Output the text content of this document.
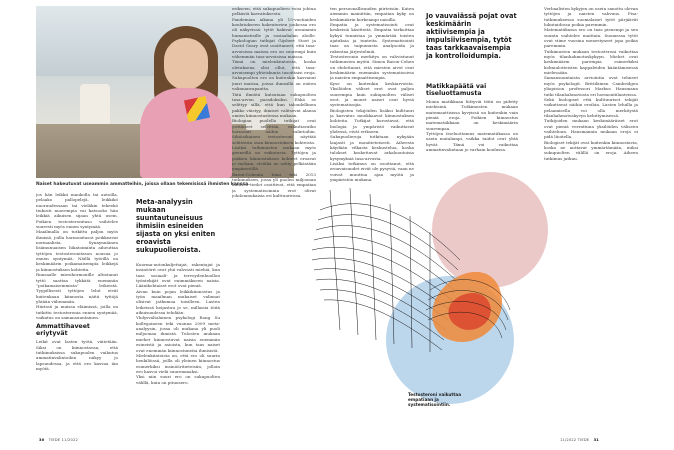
Naiset hakeutuvat useammin ammatteihin, joissa ollaan tekemisissä ihmisten kanssa.

jos hän leikkii maukolla tai autoilla, pelaako pallopelejä, leikkikö nuoruudessaan tai vieläkin tekeekö tiukosti nuorempia vai katsooko hän leikkiä aikuisen sijaan yhtä usein. Poikien testosteronitaso vaihtelee suuresti myös ennen syntymää.

Maailmalla on tutkittu paljon myös ihmisiä, joilla hormonitasot poikkeavat normaalista. Synnynnäinen lisämunuaisen liikatoiminta aiheuttaa tyttöjen testosteronitason nousua jo ennen syntymää. Näillä tytöillä on keskimäärin poikamaisempia leikkejä ja kiinnostuksen kohteita.

Runsaalle miesihormonille altistunut tyttö saattaa tykkätä enemmän ”poikamaisemmista” leikeistä. Tyypillisesti tyttöjen lelut eivät kuitenkaan kiinnosta näitä tyttöjä yhtään vähemmän.

Hiirissä ja muissa eläimissä, joilla on tutkittu testosteronia ennen syntymää, vaikutus on samansuuntainen.

Ammattihaveet eriytyvät

Leikit ovat lasten työtä, väitetään. Siksi on kiinnostavaa, että tutkimuksissa sukupuolen vaikutus ammatinvalintoihin näkyy jo lapsuudessa, ja että ero kasvaa iän myötä.

Meta-analyysin mukaan suuntautuneisuus ihmisiin esineiden sijasta on yksi eniten eroavista sukupuolieroista.

Kuorma-autonkuljettajat, rakentajat ja insinöörit ovat yhä vahvasti miehiä, kun taas sosiaali- ja terveydenhuollon työntekijät ovat enimmäkseen naisia. Läänikohtaiset erot ovat pieniä.

Aivan kuin pojan leikkikiinnostus ja työn maailman mukaiset valinnat olisivat jatkumoa toisilleen. Lasten leikeissä heijastuu jo se, millaisia töitä aikuisuudessa tehdään.

Yhdysvaltalainen psykologi Rong Su kollegoineen teki vuonna 2009 meta-analyysin, jossa oli mukana yli puoli miljoonaa ihmistä. Tulosten mukaan miehet kiinnostuvat naisia enemmän esineistä ja asioista, kun taas naiset ovat enemmän kiinnostuneita ihmisistä.

Mielenkiintoista on, että ero oli suurin henkilöissä, joilla oli yleinen kiinnostus esimerkiksi insinööritieteisiin, jolloin ero kasvoi vielä suuremmaksi.

Yksi niin suuri ero on sukupuolten välillä, kuin on pituusero.

erikseen, että sukupuoliero voisi johtua pelkästä kasvatuksesta.

Pandemian aikana yli 15-vuotiaiden koulutukseen hakeutuvien joukossa ero oli näkyvissä: tytöt hakivat useammin humanistisille ja sosiaalialan aloille. Psykologian tutkijat Gijsbert Stoet ja David Geary ovat osoittaneet, että tasa-arvoisissa maissa ero on suurempi kuin vähemmän tasa-arvoisissa maissa.

Tämä on mielenkiintoista, koska oletuksena olisi ollut, että tasa-arvoisempi yhteiskunta tasoittaisi eroja. Sukupuolten ero on kuitenkin kasvanut juuri maissa, joissa ihmisillä on eniten valinnanvapautta.

Tätä ilmiötä kutsutaan sukupuolten tasa-arvon paradoksiksi. Ehkä se selittyy sillä, että kun taloudellinen pakko väistyy, ihmiset valitsevat alansa omien kiinnostustensa mukaan.

Biologian puolella tutkijat ovat yrittäneet selvittää, vaikuttavatko hormonit näihin valintoihin. Sikiöaikainen testosteroni näyttää selittävän osan kiinnostuksen kohteista.

Lisäksi tutkimusten mukaan myös geeneillä on vaikutusta. Tyttöjen ja poikien kiinnostuksen kohteet eroavat jo varhain, eivätkä ne selity pelkästään ympäristöllä.

Baron-Cohenin tiimi teki 2013 tutkimuksen, jossa yli puolen miljoonan ihmisen tiedot osoittivat, että empatian ja systematisoinnin erot olivat johdonmukaisia eri kulttuureissa.

ten persoonallisuuden piirteisiin. Kuten aiemmin mainittiin, empatian kyky on keskimäärin korkeampi naisilla.

Empatia ja systematisointi ovat keskeisiä käsitteitä. Empatia tarkoittaa kykyä tunnistaa ja ymmärtää toisten ajatuksia ja tunteita. Systematisointi taas on taipumusta analysoida ja rakentaa järjestelmiä.

Testosteronin merkitys on vahvistunut tutkimusten myötä. Simon Baron-Cohen on ehdottanut, että miesten aivot ovat keskimäärin enemmän systematisoivia ja naisten empaattisempia.

Kyse on kuitenkin keskiarvoista. Yksilöiden väliset erot ovat paljon suurempia kuin sukupuolten väliset erot, ja monet naiset ovat hyviä systematisoijia.

Biologisten tekijöiden lisäksi kulttuuri ja kasvatus muokkaavat kiinnostuksen kohteita. Tutkijat korostavat, että biologia ja ympäristö vaikuttavat yhdessä, eivät erikseen.

Sukupuolieroja tutkitaan nykyään laajasti ja monitieteisesti. Aiheesta käydään vilkasta keskustelua, koska tulokset koskettavat arkaluontoisia kysymyksiä tasa-arvosta.

Lisäksi tutkimus on osoittanut, että eroavaisuudet eivät ole pysyviä, vaan ne voivat muuttua ajan myötä ja ympäristön mukana.

Jo vauvaiässä pojat ovat keskimäärin aktiivisempia ja impulsiivisempia, tytöt taas tarkkaavaisempia ja kontrolloidumpia.
Matikkapäätä vai tiseluottamusta

Monia matikkaan liittyviä töitä on pidetty miehisinä. Tutkimusten mukaan matemaattisissa kyvyissä on kuitenkin vain pieniä eroja. Poikien kiinnostus matematiikkaan on keskimäärin suurempaa.

Tyttöjen itseluottamus matematiikassa on usein matalampi, vaikka taidot ovat yhtä hyvät. Tämä voi vaikuttaa ammatinvalintaan jo varhain koulussa.

Verbaalisten kykyjen on usein sanottu olevan tyttöjen ja naisten vahvuus. Pisa-tutkimuksessa suomalaiset tytöt pärjäävät lukutaidossa poikia paremmin.

Matematiikassa ero on taas pienempi ja sen suunta vaihtelee maittain. Suomessa tytöt ovat viime vuosina menestyneet jopa poikia paremmin.

Tutkimusten mukaan testosteroni vaikuttaa myös tilanhahmotuskykyyn. Miehet ovat keskimäärin parempia esimerkiksi kolmiulotteisten kappaleiden kääntämisessä mielessään.

Samansuuntaista arviointia ovat tehneet myös psykologit. Brittiläinen Cambridgen yliopiston professori Markus Hausmann tutki tilanhahmotusta eri hormonitilanteissa.

Sekä biologiset että kulttuuriset tekijät vaikuttavat näihin eroihin. Lasten leluilla ja pelaamisella voi olla merkitystä tilanhahmotuskyvyn kehittymisessä.

Tutkijoiden mukaan keskimääräiset erot ovat pieniä verrattuna yksilöiden väliseen vaihteluun. Hausmannin mukaan eroja ei pidä liioitella.

Biologiset tekijät ovat kuitenkin kiinnostavia, koska ne auttavat ymmärtämään, miksi sukupuolten välillä on eroja. Aiheen tutkimus jatkuu.

Testosteroni vaikuttaa empatiaan ja systematisointiin.
30 TIEDE 11/2022	11/2022 TIEDE 31
